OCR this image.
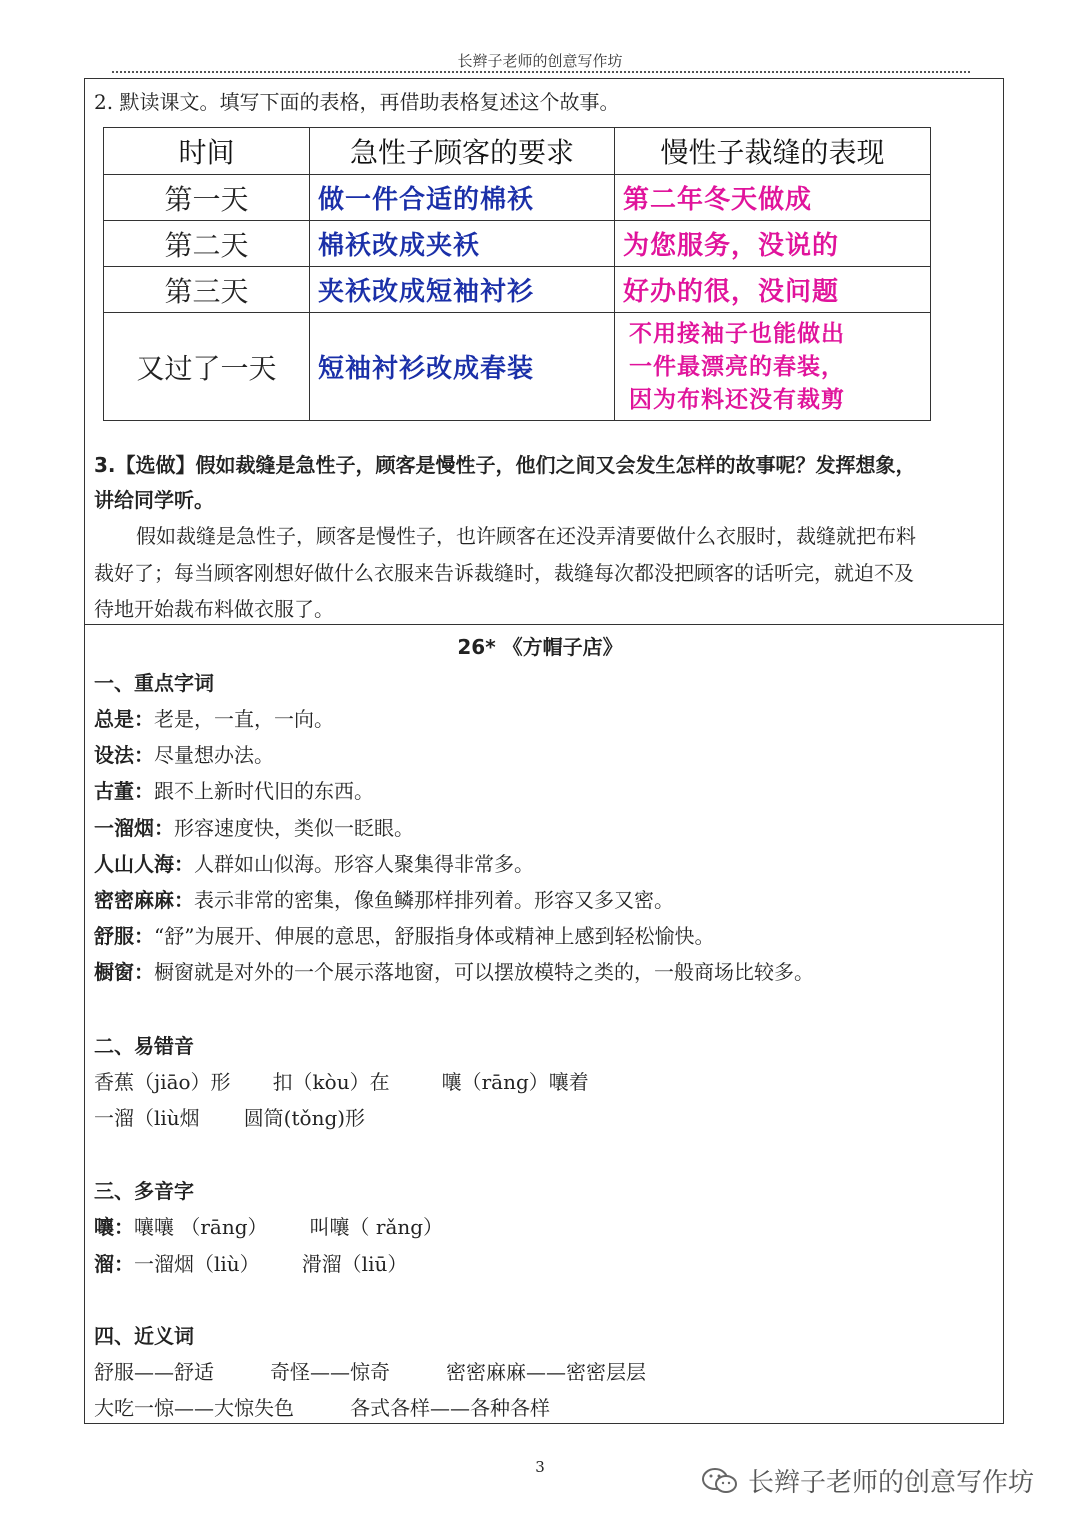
长辫子老师的创意写作坊
2. 默读课文。填写下面的表格，再借助表格复述这个故事。
时间	急性子顾客的要求	慢性子裁缝的表现
第一天	做一件合适的棉袄	第二年冬天做成
第二天	棉袄改成夹袄	为您服务，没说的
第三天	夹袄改成短袖衬衫	好办的很，没问题
又过了一天	短袖衬衫改成春装	不用接袖子也能做出
一件最漂亮的春装，
因为布料还没有裁剪
3.【选做】假如裁缝是急性子，顾客是慢性子，他们之间又会发生怎样的故事呢？发挥想象，
讲给同学听。
假如裁缝是急性子，顾客是慢性子，也许顾客在还没弄清要做什么衣服时，裁缝就把布料
裁好了；每当顾客刚想好做什么衣服来告诉裁缝时，裁缝每次都没把顾客的话听完，就迫不及
待地开始裁布料做衣服了。
26* 《方帽子店》
一、重点字词
总是：老是，一直，一向。
设法：尽量想办法。
古董：跟不上新时代旧的东西。
一溜烟：形容速度快，类似一眨眼。
人山人海：人群如山似海。形容人聚集得非常多。
密密麻麻：表示非常的密集，像鱼鳞那样排列着。形容又多又密。
舒服：“舒”为展开、伸展的意思，舒服指身体或精神上感到轻松愉快。
橱窗：橱窗就是对外的一个展示落地窗，可以摆放模特之类的，一般商场比较多。
二、易错音
香蕉（jiāo）形 扣（kòu）在	嚷（rāng）嚷着
一溜（liù烟 圆筒(tǒng)形
三、多音字
嚷：嚷嚷 （rāng） 叫嚷（ rǎng）
溜：一溜烟（liù） 滑溜（liū）
四、近义词
舒服——舒适	奇怪——惊奇	密密麻麻——密密层层
大吃一惊——大惊失色	各式各样——各种各样
3
长辫子老师的创意写作坊
